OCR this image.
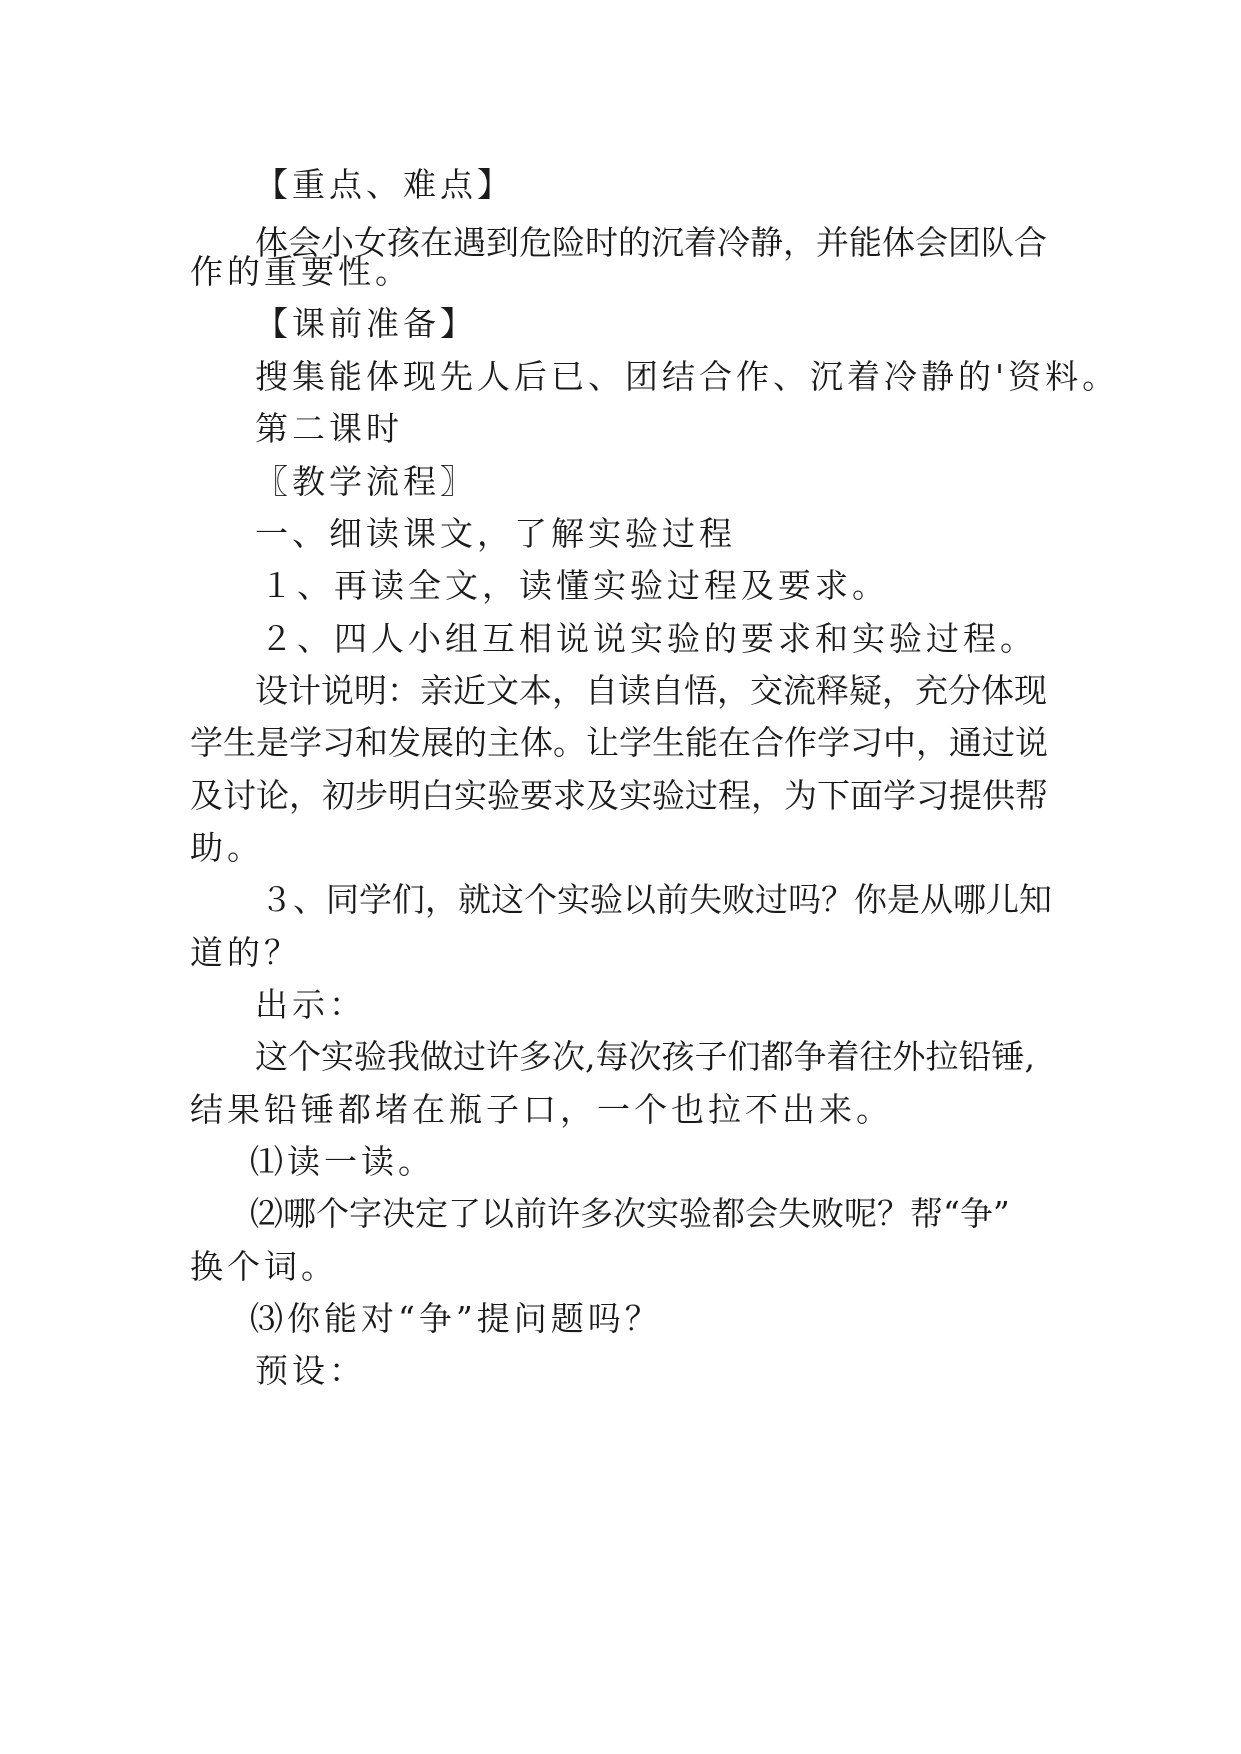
【重点、难点】
体会小女孩在遇到危险时的沉着冷静，并能体会团队合
作的重要性。
【课前准备】
搜集能体现先人后已、团结合作、沉着冷静的'资料。
第二课时
〖教学流程〗
一、细读课文，了解实验过程
１、再读全文，读懂实验过程及要求。
２、四人小组互相说说实验的要求和实验过程。
设计说明：亲近文本，自读自悟，交流释疑，充分体现
学生是学习和发展的主体。让学生能在合作学习中，通过说
及讨论，初步明白实验要求及实验过程，为下面学习提供帮
助。
３、同学们，就这个实验以前失败过吗？你是从哪儿知
道的？
出示：
这个实验我做过许多次,每次孩子们都争着往外拉铅锤,
结果铅锤都堵在瓶子口，一个也拉不出来。
⑴读一读。
⑵哪个字决定了以前许多次实验都会失败呢？帮“争”
换个词。
⑶你能对“争”提问题吗？
预设：
